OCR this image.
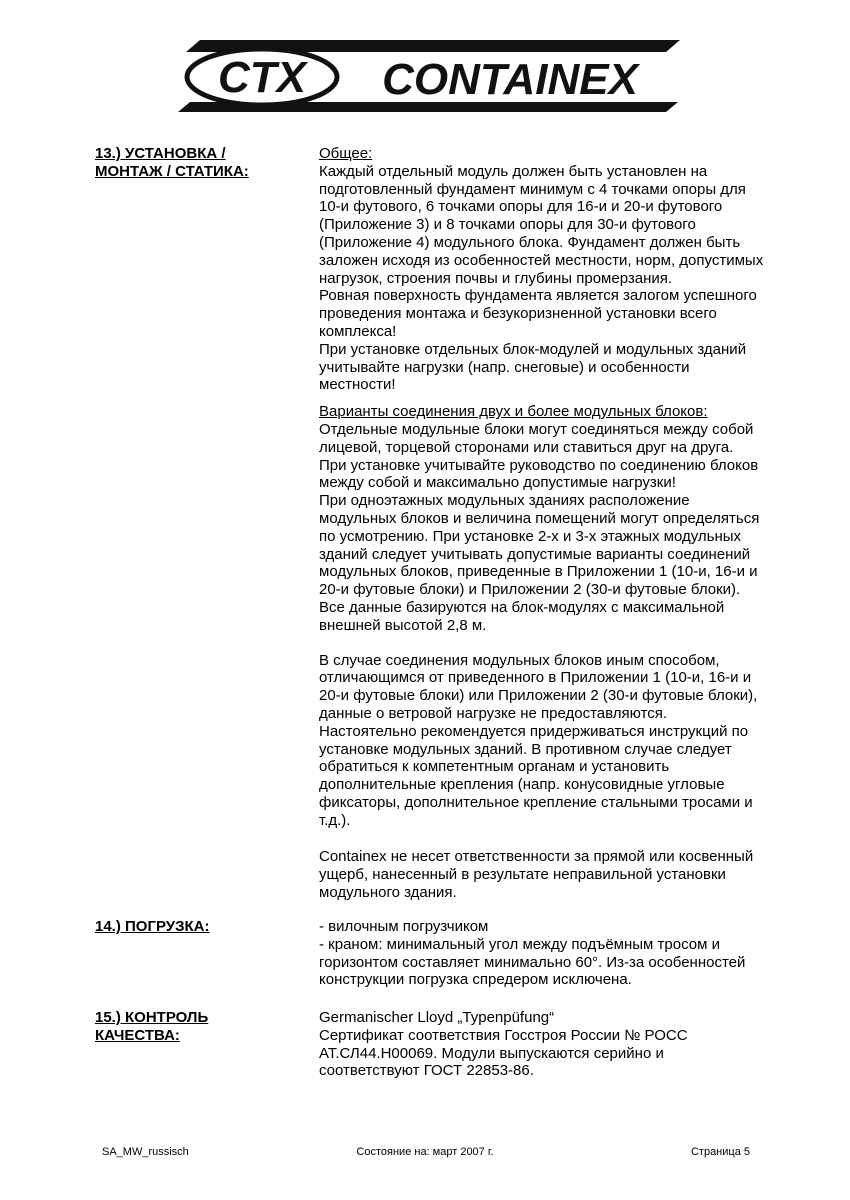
CTX CONTAINEX
13.) УСТАНОВКА /
МОНТАЖ / СТАТИКА:

Общее:

Каждый отдельный модуль должен быть установлен на

подготовленный фундамент минимум с 4 точками опоры для

10-и футового, 6 точками опоры для 16-и и 20-и футового

(Приложение 3) и 8 точками опоры для 30-и футового

(Приложение 4) модульного блока. Фундамент должен быть

заложен исходя из особенностей местности, норм, допустимых

нагрузок, строения почвы и глубины промерзания.

Ровная поверхность фундамента является залогом успешного

проведения монтажа и безукоризненной установки всего

комплекса!

При установке отдельных блок-модулей и модульных зданий

учитывайте нагрузки (напр. снеговые) и особенности

местности!

Варианты соединения двух и более модульных блоков:

Отдельные модульные блоки могут соединяться между собой

лицевой, торцевой сторонами или ставиться друг на друга.

При установке учитывайте руководство по соединению блоков

между собой и максимально допустимые нагрузки!

При одноэтажных модульных зданиях расположение

модульных блоков и величина помещений могут определяться

по усмотрению. При установке 2-х и 3-х этажных модульных

зданий следует учитывать допустимые варианты соединений

модульных блоков, приведенные в Приложении 1 (10-и, 16-и и

20-и футовые блоки) и Приложении 2 (30-и футовые блоки).

Все данные базируются на блок-модулях с максимальной

внешней высотой 2,8 м.

В случае соединения модульных блоков иным способом,

отличающимся от приведенного в Приложении 1 (10-и, 16-и и

20-и футовые блоки) или Приложении 2 (30-и футовые блоки),

данные о ветровой нагрузке не предоставляются.

Настоятельно рекомендуется придерживаться инструкций по

установке модульных зданий. В противном случае следует

обратиться к компетентным органам и установить

дополнительные крепления (напр. конусовидные угловые

фиксаторы, дополнительное крепление стальными тросами и

т.д.).

Containex не несет ответственности за прямой или косвенный

ущерб, нанесенный в результате неправильной установки

модульного здания.

14.) ПОГРУЗКА:	- вилочным погрузчиком

- краном: минимальный угол между подъёмным тросом и

горизонтом составляет минимально 60°. Из-за особенностей

конструкции погрузка спредером исключена.

15.) КОНТРОЛЬ
КАЧЕСТВА:

Germanischer Lloyd „Typenpüfung“

Сертификат соответствия Госстроя России № РОСС

AT.СЛ44.H00069. Модули выпускаются серийно и

соответствуют ГОСТ 22853-86.

SA_MW_russisch	Состояние на: март 2007 г.	Страница 5
